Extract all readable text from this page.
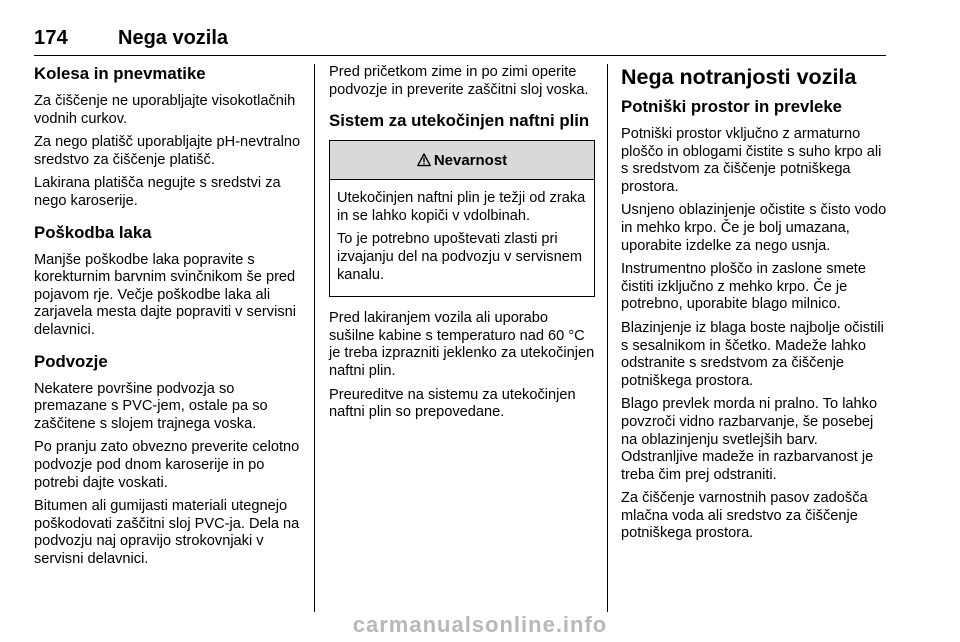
174	Nega vozila
Kolesa in pnevmatike

Za čiščenje ne uporabljajte visokotlačnih vodnih curkov.

Za nego platišč uporabljajte pH-nevtralno sredstvo za čiščenje platišč.

Lakirana platišča negujte s sredstvi za nego karoserije.

Poškodba laka

Manjše poškodbe laka popravite s korekturnim barvnim svinčnikom še pred pojavom rje. Večje poškodbe laka ali zarjavela mesta dajte popraviti v servisni delavnici.

Podvozje

Nekatere površine podvozja so premazane s PVC-jem, ostale pa so zaščitene s slojem trajnega voska.

Po pranju zato obvezno preverite celotno podvozje pod dnom karoserije in po potrebi dajte voskati.

Bitumen ali gumijasti materiali utegnejo poškodovati zaščitni sloj PVC-ja. Dela na podvozju naj opravijo strokovnjaki v servisni delavnici.

Pred pričetkom zime in po zimi operite podvozje in preverite zaščitni sloj voska.

Sistem za utekočinjen naftni plin
Nevarnost

Utekočinjen naftni plin je težji od zraka in se lahko kopiči v vdolbinah.

To je potrebno upoštevati zlasti pri izvajanju del na podvozju v servisnem kanalu.

Pred lakiranjem vozila ali uporabo sušilne kabine s temperaturo nad 60 °C je treba izprazniti jeklenko za utekočinjen naftni plin.

Preureditve na sistemu za utekočinjen naftni plin so prepovedane.

Nega notranjosti vozila
Potniški prostor in prevleke

Potniški prostor vključno z armaturno ploščo in oblogami čistite s suho krpo ali s sredstvom za čiščenje potniškega prostora.

Usnjeno oblazinjenje očistite s čisto vodo in mehko krpo. Če je bolj umazana, uporabite izdelke za nego usnja.

Instrumentno ploščo in zaslone smete čistiti izključno z mehko krpo. Če je potrebno, uporabite blago milnico.

Blazinjenje iz blaga boste najbolje očistili s sesalnikom in ščetko. Madeže lahko odstranite s sredstvom za čiščenje potniškega prostora.

Blago prevlek morda ni pralno. To lahko povzroči vidno razbarvanje, še posebej na oblazinjenju svetlejših barv. Odstranljive madeže in razbarvanost je treba čim prej odstraniti.

Za čiščenje varnostnih pasov zadošča mlačna voda ali sredstvo za čiščenje potniškega prostora.

carmanualsonline.info
